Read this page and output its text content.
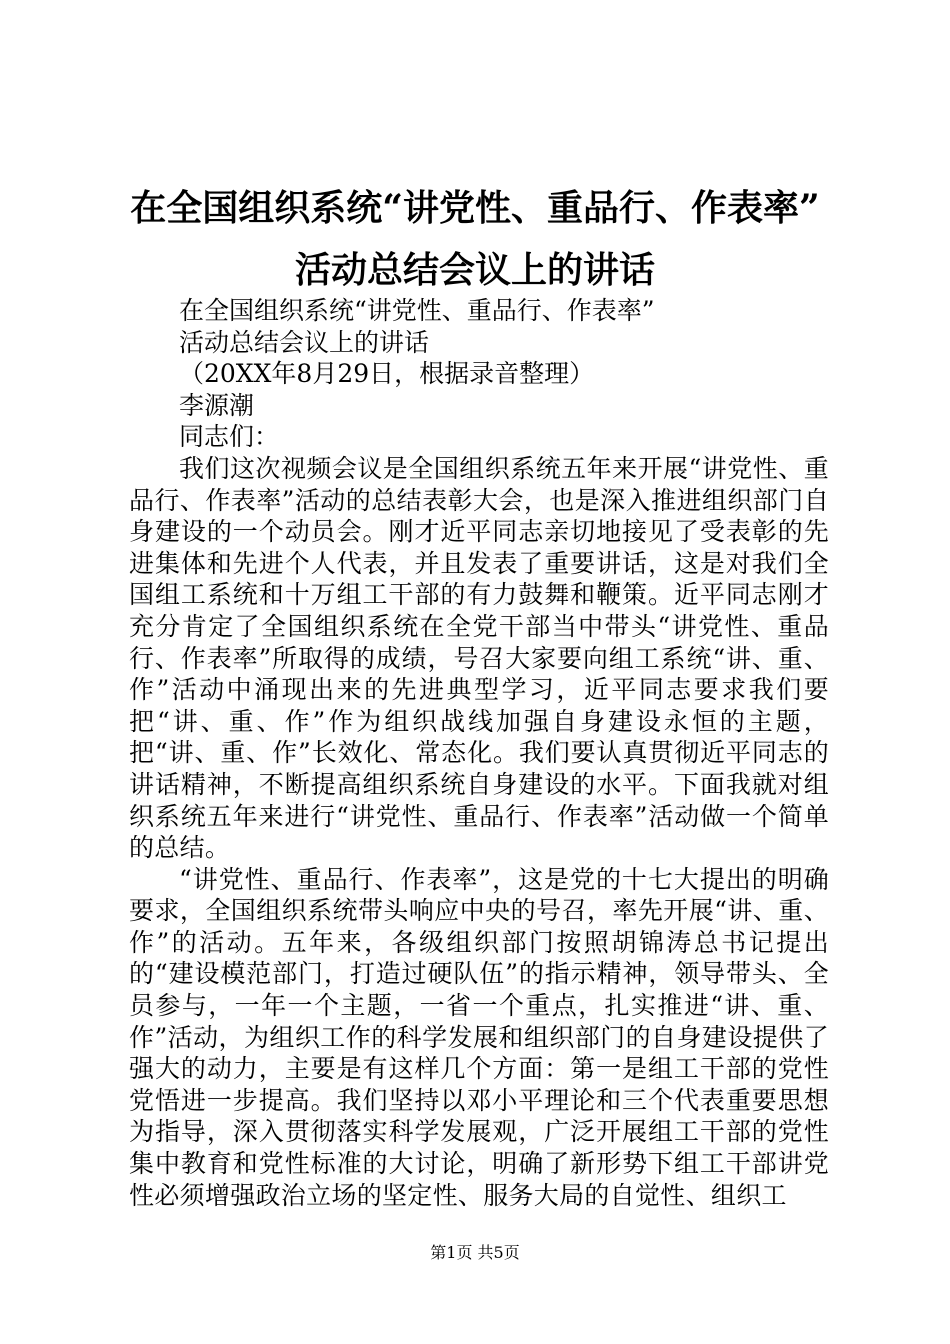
在全国组织系统“讲党性、重品行、作表率”
活动总结会议上的讲话

在全国组织系统“讲党性、重品行、作表率”

活动总结会议上的讲话

（20XX年8月29日，根据录音整理）

李源潮

同志们：

我们这次视频会议是全国组织系统五年来开展“讲党性、重品行、作表率”活动的总结表彰大会，也是深入推进组织部门自身建设的一个动员会。刚才近平同志亲切地接见了受表彰的先进集体和先进个人代表，并且发表了重要讲话，这是对我们全国组工系统和十万组工干部的有力鼓舞和鞭策。近平同志刚才充分肯定了全国组织系统在全党干部当中带头“讲党性、重品行、作表率”所取得的成绩，号召大家要向组工系统“讲、重、作”活动中涌现出来的先进典型学习，近平同志要求我们要把“讲、重、作”作为组织战线加强自身建设永恒的主题，把“讲、重、作”长效化、常态化。我们要认真贯彻近平同志的讲话精神，不断提高组织系统自身建设的水平。下面我就对组织系统五年来进行“讲党性、重品行、作表率”活动做一个简单的总结。

“讲党性、重品行、作表率”，这是党的十七大提出的明确要求，全国组织系统带头响应中央的号召，率先开展“讲、重、作”的活动。五年来，各级组织部门按照胡锦涛总书记提出的“建设模范部门，打造过硬队伍”的指示精神，领导带头、全员参与，一年一个主题，一省一个重点，扎实推进“讲、重、作”活动，为组织工作的科学发展和组织部门的自身建设提供了强大的动力，主要是有这样几个方面：第一是组工干部的党性党悟进一步提高。我们坚持以邓小平理论和三个代表重要思想为指导，深入贯彻落实科学发展观，广泛开展组工干部的党性集中教育和党性标准的大讨论，明确了新形势下组工干部讲党性必须增强政治立场的坚定性、服务大局的自觉性、组织工

第1页 共5页
